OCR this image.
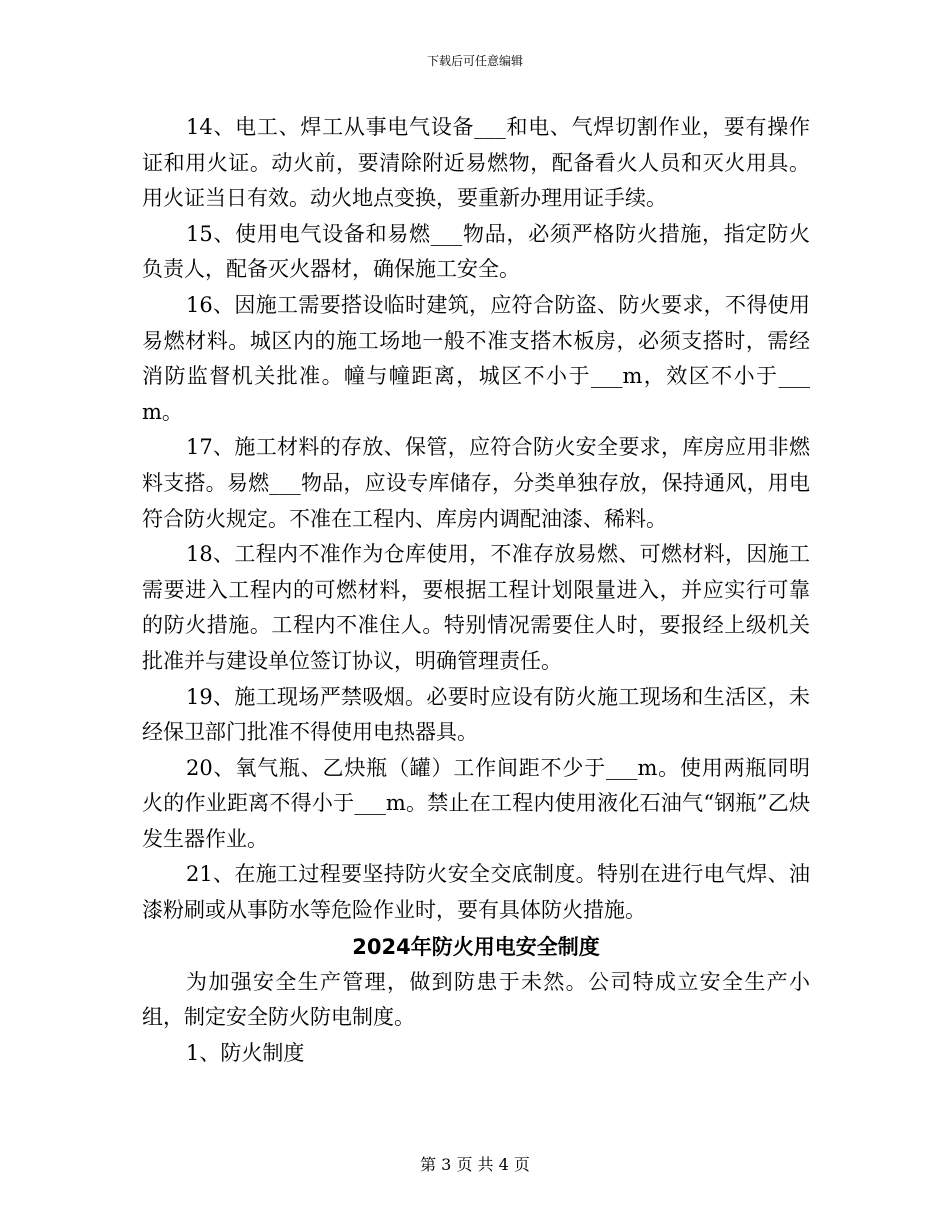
下载后可任意编辑

14、电工、焊工从事电气设备___和电、气焊切割作业，要有操作证和用火证。动火前，要清除附近易燃物，配备看火人员和灭火用具。用火证当日有效。动火地点变换，要重新办理用证手续。

15、使用电气设备和易燃___物品，必须严格防火措施，指定防火负责人，配备灭火器材，确保施工安全。

16、因施工需要搭设临时建筑，应符合防盗、防火要求，不得使用易燃材料。城区内的施工场地一般不准支搭木板房，必须支搭时，需经消防监督机关批准。幢与幢距离，城区不小于___m，效区不小于___m。

17、施工材料的存放、保管，应符合防火安全要求，库房应用非燃料支搭。易燃___物品，应设专库储存，分类单独存放，保持通风，用电符合防火规定。不准在工程内、库房内调配油漆、稀料。

18、工程内不准作为仓库使用，不准存放易燃、可燃材料，因施工需要进入工程内的可燃材料，要根据工程计划限量进入，并应实行可靠的防火措施。工程内不准住人。特别情况需要住人时，要报经上级机关批准并与建设单位签订协议，明确管理责任。

19、施工现场严禁吸烟。必要时应设有防火施工现场和生活区，未经保卫部门批准不得使用电热器具。

20、氧气瓶、乙炔瓶（罐）工作间距不少于___m。使用两瓶同明火的作业距离不得小于___m。禁止在工程内使用液化石油气“钢瓶”乙炔发生器作业。

21、在施工过程要坚持防火安全交底制度。特别在进行电气焊、油漆粉刷或从事防水等危险作业时，要有具体防火措施。

2024年防火用电安全制度

为加强安全生产管理，做到防患于未然。公司特成立安全生产小组，制定安全防火防电制度。

1、防火制度

第 3 页 共 4 页
